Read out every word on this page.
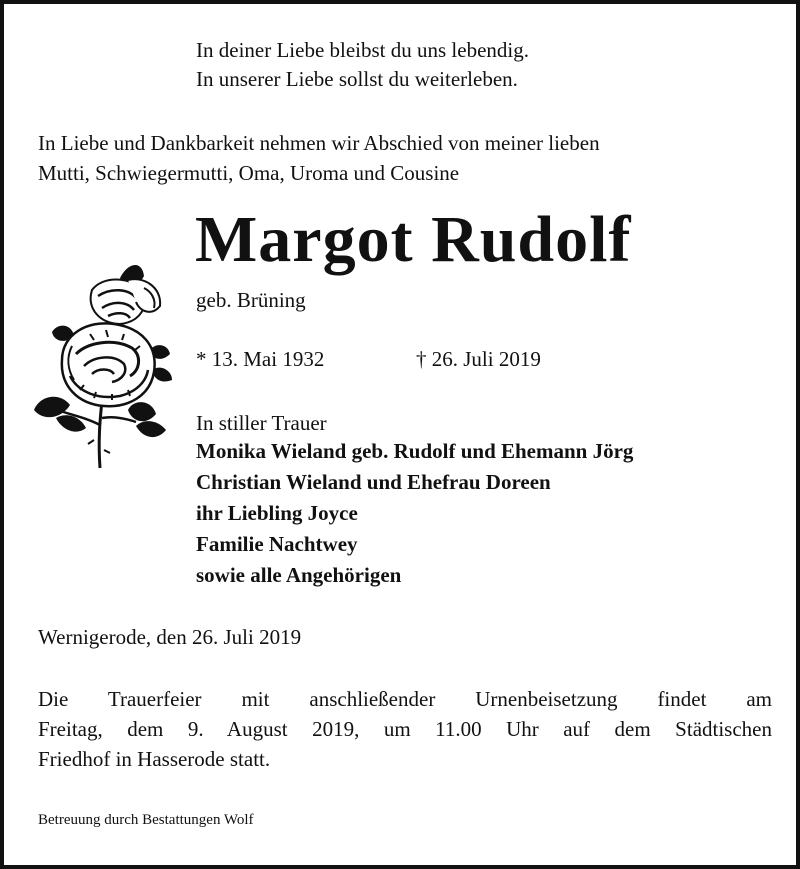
In deiner Liebe bleibst du uns lebendig.
In unserer Liebe sollst du weiterleben.
In Liebe und Dankbarkeit nehmen wir Abschied von meiner lieben
Mutti, Schwiegermutti, Oma, Uroma und Cousine
Margot Rudolf
geb. Brüning
* 13. Mai 1932	† 26. Juli 2019
In stiller Trauer
Monika Wieland geb. Rudolf und Ehemann Jörg
Christian Wieland und Ehefrau Doreen
ihr Liebling Joyce
Familie Nachtwey
sowie alle Angehörigen
Wernigerode, den 26. Juli 2019
Die Trauerfeier mit anschließender Urnenbeisetzung findet am
Freitag, dem 9. August 2019, um 11.00 Uhr auf dem Städtischen
Friedhof in Hasserode statt.
Betreuung durch Bestattungen Wolf
